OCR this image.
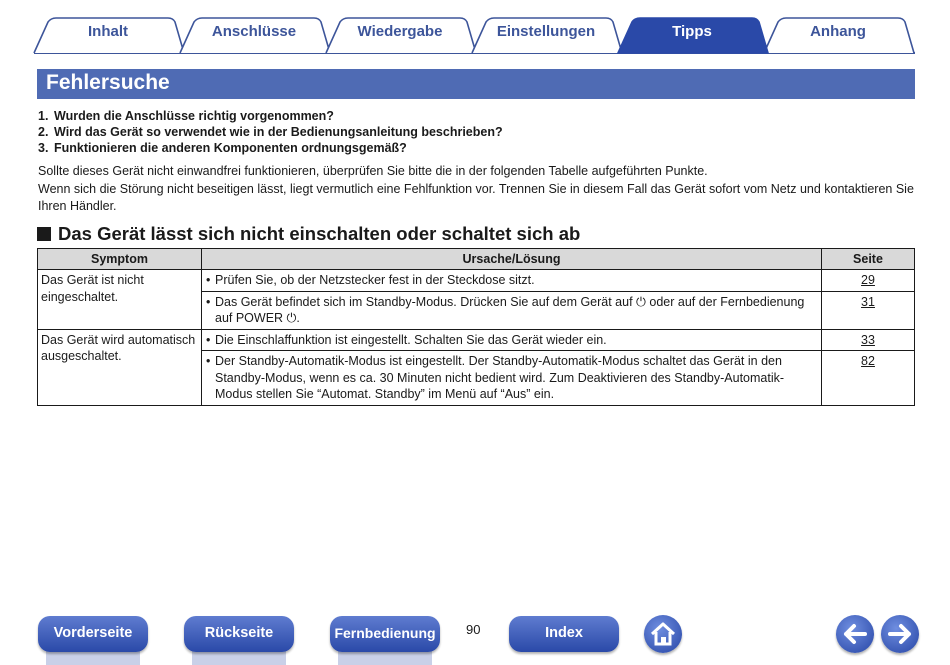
Inhalt	Anschlüsse	Wiedergabe	Einstellungen	Tipps	Anhang
Fehlersuche
1. Wurden die Anschlüsse richtig vorgenommen?
2. Wird das Gerät so verwendet wie in der Bedienungsanleitung beschrieben?
3. Funktionieren die anderen Komponenten ordnungsgemäß?
Sollte dieses Gerät nicht einwandfrei funktionieren, überprüfen Sie bitte die in der folgenden Tabelle aufgeführten Punkte.
Wenn sich die Störung nicht beseitigen lässt, liegt vermutlich eine Fehlfunktion vor. Trennen Sie in diesem Fall das Gerät sofort vom Netz und kontaktieren Sie Ihren Händler.
Das Gerät lässt sich nicht einschalten oder schaltet sich ab
Symptom	Ursache/Lösung	Seite
Das Gerät ist nicht eingeschaltet.	• Prüfen Sie, ob der Netzstecker fest in der Steckdose sitzt.	29

	• Das Gerät befindet sich im Standby-Modus. Drücken Sie auf dem Gerät auf ⏻ oder auf der Fernbedienung auf POWER ⏻.	31
Das Gerät wird automatisch ausgeschaltet.	• Die Einschlaffunktion ist eingestellt. Schalten Sie das Gerät wieder ein.	33

	• Der Standby-Automatik-Modus ist eingestellt. Der Standby-Automatik-Modus schaltet das Gerät in den Standby-Modus, wenn es ca. 30 Minuten nicht bedient wird. Zum Deaktivieren des Standby-Automatik-Modus stellen Sie “Automat. Standby” im Menü auf “Aus” ein.	82
Vorderseite	Rückseite	Fernbedienung	90	Index
